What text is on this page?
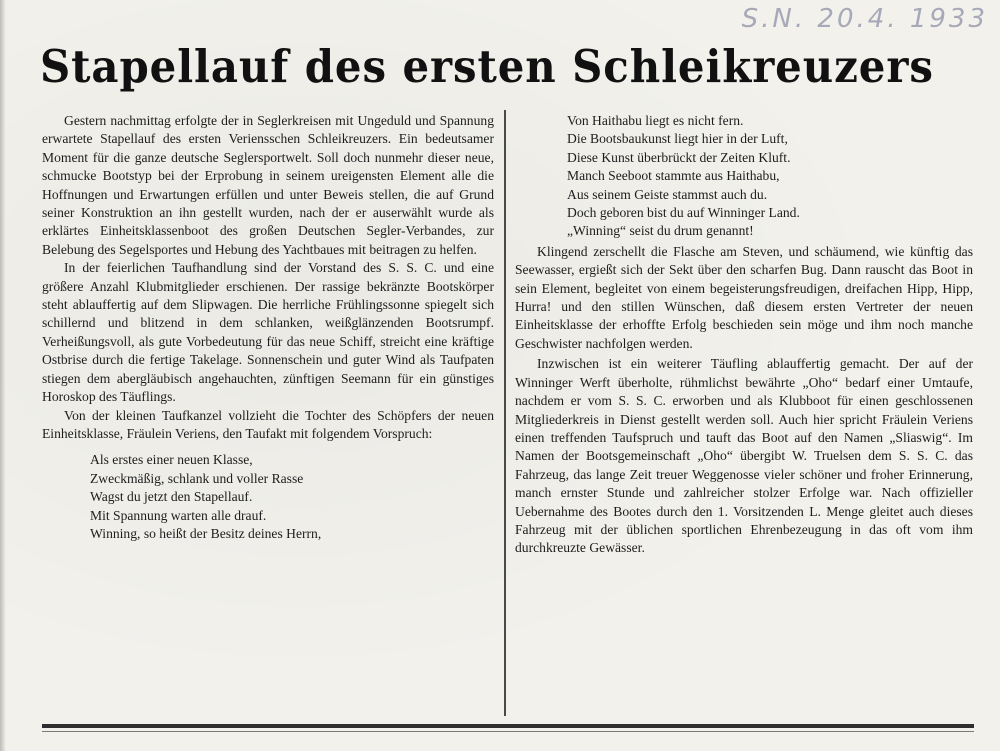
S.N. 20.4. 1933
Stapellauf des ersten Schleikreuzers

Gestern nachmittag erfolgte der in Seglerkreisen mit Ungeduld und Spannung erwartete Stapellauf des ersten Veriensschen Schleikreuzers. Ein bedeutsamer Moment für die ganze deutsche Seglersportwelt. Soll doch nunmehr dieser neue, schmucke Bootstyp bei der Erprobung in seinem ureigensten Element alle die Hoffnungen und Erwartungen erfüllen und unter Beweis stellen, die auf Grund seiner Konstruktion an ihn gestellt wurden, nach der er auserwählt wurde als erklärtes Einheitsklassenboot des großen Deutschen Segler-Verbandes, zur Belebung des Segelsportes und Hebung des Yachtbaues mit beitragen zu helfen.

In der feierlichen Taufhandlung sind der Vorstand des S. S. C. und eine größere Anzahl Klubmitglieder erschienen. Der rassige bekränzte Bootskörper steht ablauffertig auf dem Slipwagen. Die herrliche Frühlingssonne spiegelt sich schillernd und blitzend in dem schlanken, weißglänzenden Bootsrumpf. Verheißungsvoll, als gute Vorbedeutung für das neue Schiff, streicht eine kräftige Ostbrise durch die fertige Takelage. Sonnenschein und guter Wind als Taufpaten stiegen dem abergläubisch angehauchten, zünftigen Seemann für ein günstiges Horoskop des Täuflings.

Von der kleinen Taufkanzel vollzieht die Tochter des Schöpfers der neuen Einheitsklasse, Fräulein Veriens, den Taufakt mit folgendem Vorspruch:

Als erstes einer neuen Klasse,
Zweckmäßig, schlank und voller Rasse
Wagst du jetzt den Stapellauf.
Mit Spannung warten alle drauf.
Winning, so heißt der Besitz deines Herrn,
Von Haithabu liegt es nicht fern.
Die Bootsbaukunst liegt hier in der Luft,
Diese Kunst überbrückt der Zeiten Kluft.
Manch Seeboot stammte aus Haithabu,
Aus seinem Geiste stammst auch du.
Doch geboren bist du auf Winninger Land.
„Winning“ seist du drum genannt!

Klingend zerschellt die Flasche am Steven, und schäumend, wie künftig das Seewasser, ergießt sich der Sekt über den scharfen Bug. Dann rauscht das Boot in sein Element, begleitet von einem begeisterungsfreudigen, dreifachen Hipp, Hipp, Hurra! und den stillen Wünschen, daß diesem ersten Vertreter der neuen Einheitsklasse der erhoffte Erfolg beschieden sein möge und ihm noch manche Geschwister nachfolgen werden.

Inzwischen ist ein weiterer Täufling ablauffertig gemacht. Der auf der Winninger Werft überholte, rühmlichst bewährte „Oho“ bedarf einer Umtaufe, nachdem er vom S. S. C. erworben und als Klubboot für einen geschlossenen Mitgliederkreis in Dienst gestellt werden soll. Auch hier spricht Fräulein Veriens einen treffenden Taufspruch und tauft das Boot auf den Namen „Sliaswig“. Im Namen der Bootsgemeinschaft „Oho“ übergibt W. Truelsen dem S. S. C. das Fahrzeug, das lange Zeit treuer Weggenosse vieler schöner und froher Erinnerung, manch ernster Stunde und zahlreicher stolzer Erfolge war. Nach offizieller Uebernahme des Bootes durch den 1. Vorsitzenden L. Menge gleitet auch dieses Fahrzeug mit der üblichen sportlichen Ehrenbezeugung in das oft vom ihm durchkreuzte Gewässer.
